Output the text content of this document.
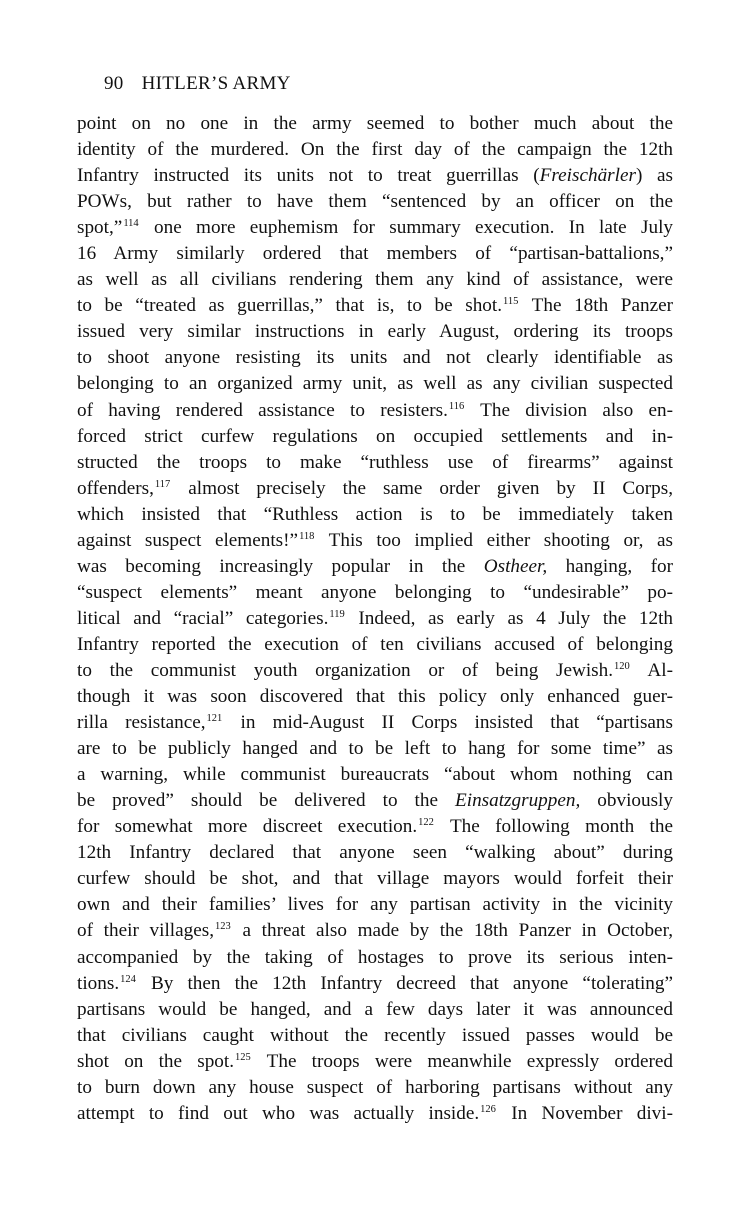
90 HITLER’S ARMY
point on no one in the army seemed to bother much about the
identity of the murdered. On the first day of the campaign the 12th
Infantry instructed its units not to treat guerrillas (Freischärler) as
POWs, but rather to have them “sentenced by an officer on the
spot,”$^{114}$ one more euphemism for summary execution. In late July
16 Army similarly ordered that members of “partisan-battalions,”
as well as all civilians rendering them any kind of assistance, were
to be “treated as guerrillas,” that is, to be shot.$^{115}$ The 18th Panzer
issued very similar instructions in early August, ordering its troops
to shoot anyone resisting its units and not clearly identifiable as
belonging to an organized army unit, as well as any civilian suspected
of having rendered assistance to resisters.$^{116}$ The division also en-
forced strict curfew regulations on occupied settlements and in-
structed the troops to make “ruthless use of firearms” against
offenders,$^{117}$ almost precisely the same order given by II Corps,
which insisted that “Ruthless action is to be immediately taken
against suspect elements!”$^{118}$ This too implied either shooting or, as
was becoming increasingly popular in the Ostheer, hanging, for
“suspect elements” meant anyone belonging to “undesirable” po-
litical and “racial” categories.$^{119}$ Indeed, as early as 4 July the 12th
Infantry reported the execution of ten civilians accused of belonging
to the communist youth organization or of being Jewish.$^{120}$ Al-
though it was soon discovered that this policy only enhanced guer-
rilla resistance,$^{121}$ in mid-August II Corps insisted that “partisans
are to be publicly hanged and to be left to hang for some time” as
a warning, while communist bureaucrats “about whom nothing can
be proved” should be delivered to the Einsatzgruppen, obviously
for somewhat more discreet execution.$^{122}$ The following month the
12th Infantry declared that anyone seen “walking about” during
curfew should be shot, and that village mayors would forfeit their
own and their families’ lives for any partisan activity in the vicinity
of their villages,$^{123}$ a threat also made by the 18th Panzer in October,
accompanied by the taking of hostages to prove its serious inten-
tions.$^{124}$ By then the 12th Infantry decreed that anyone “tolerating”
partisans would be hanged, and a few days later it was announced
that civilians caught without the recently issued passes would be
shot on the spot.$^{125}$ The troops were meanwhile expressly ordered
to burn down any house suspect of harboring partisans without any
attempt to find out who was actually inside.$^{126}$ In November divi-
